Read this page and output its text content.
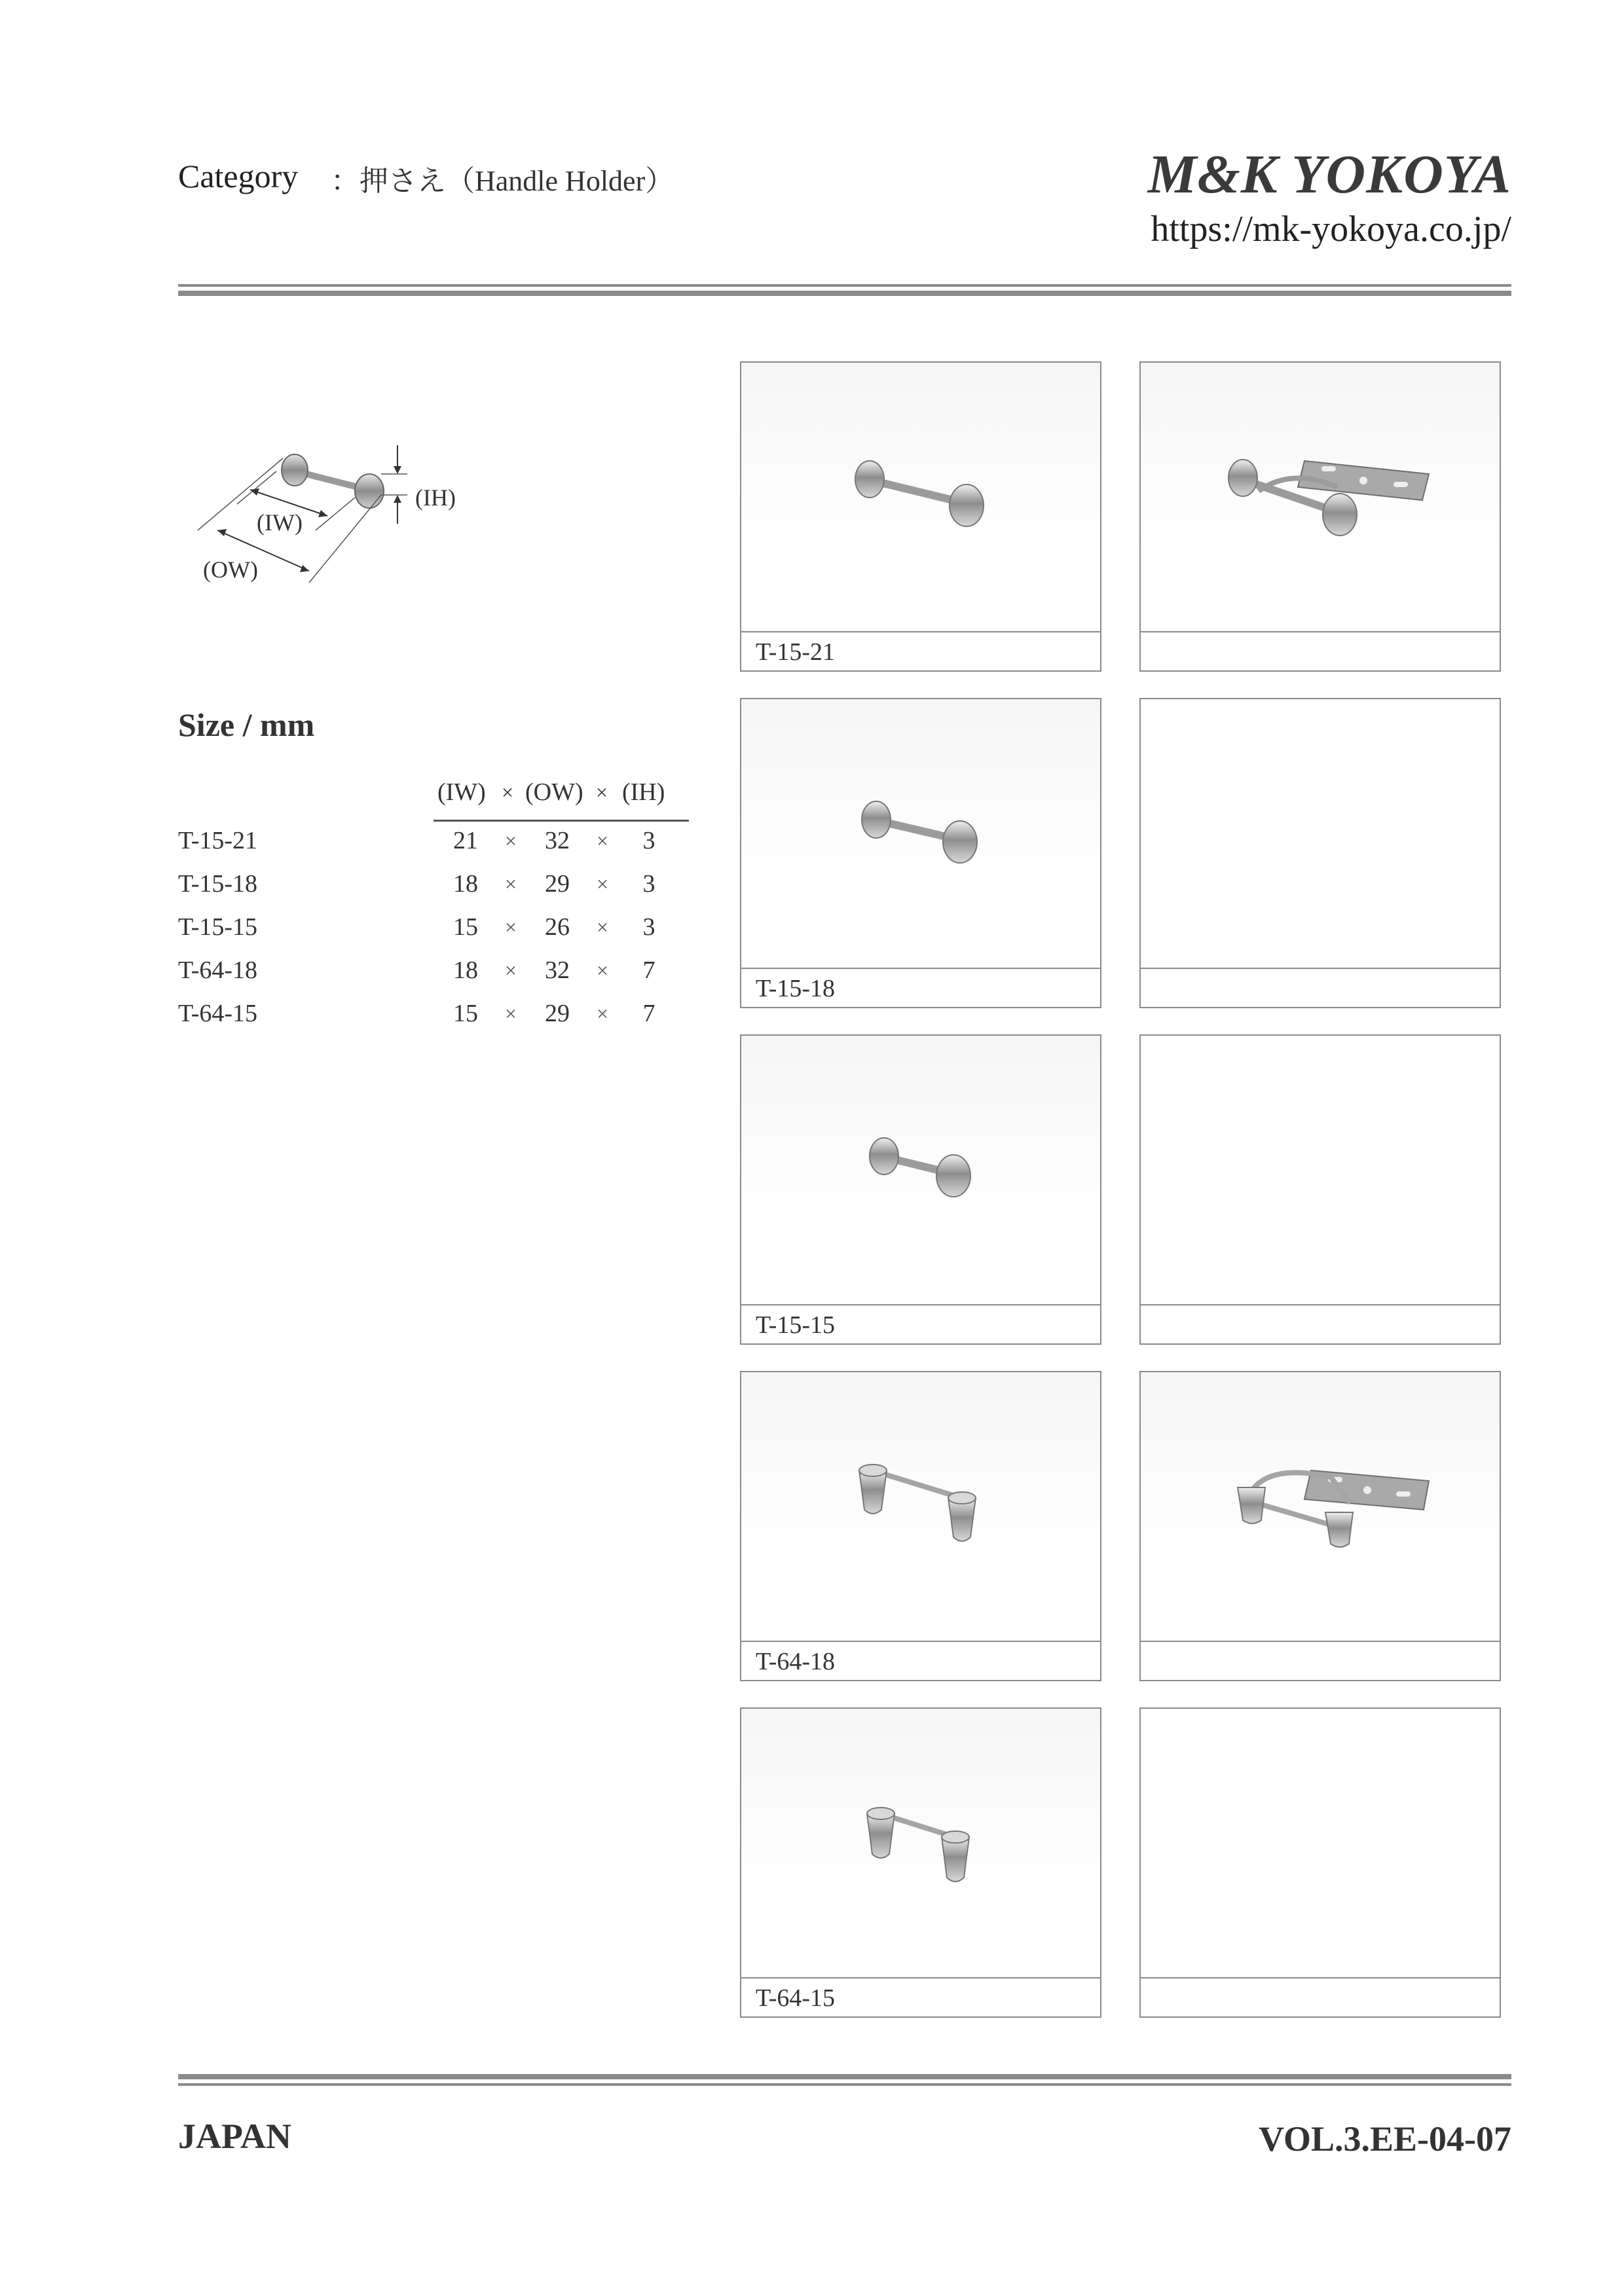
Category ：押さえ（Handle Holder）	M&K YOKOYA
https://mk-yokoya.co.jp/
(IH)
(IW)
(OW)
Size / mm
(IW) × (OW) × (IH)
T-15-21	21	×	32	×	3
T-15-18	18	×	29	×	3
T-15-15	15	×	26	×	3
T-64-18	18	×	32	×	7
T-64-15	15	×	29	×	7
T-15-21
T-15-18
T-15-15
T-64-18
T-64-15
JAPAN	VOL.3.EE-04-07
